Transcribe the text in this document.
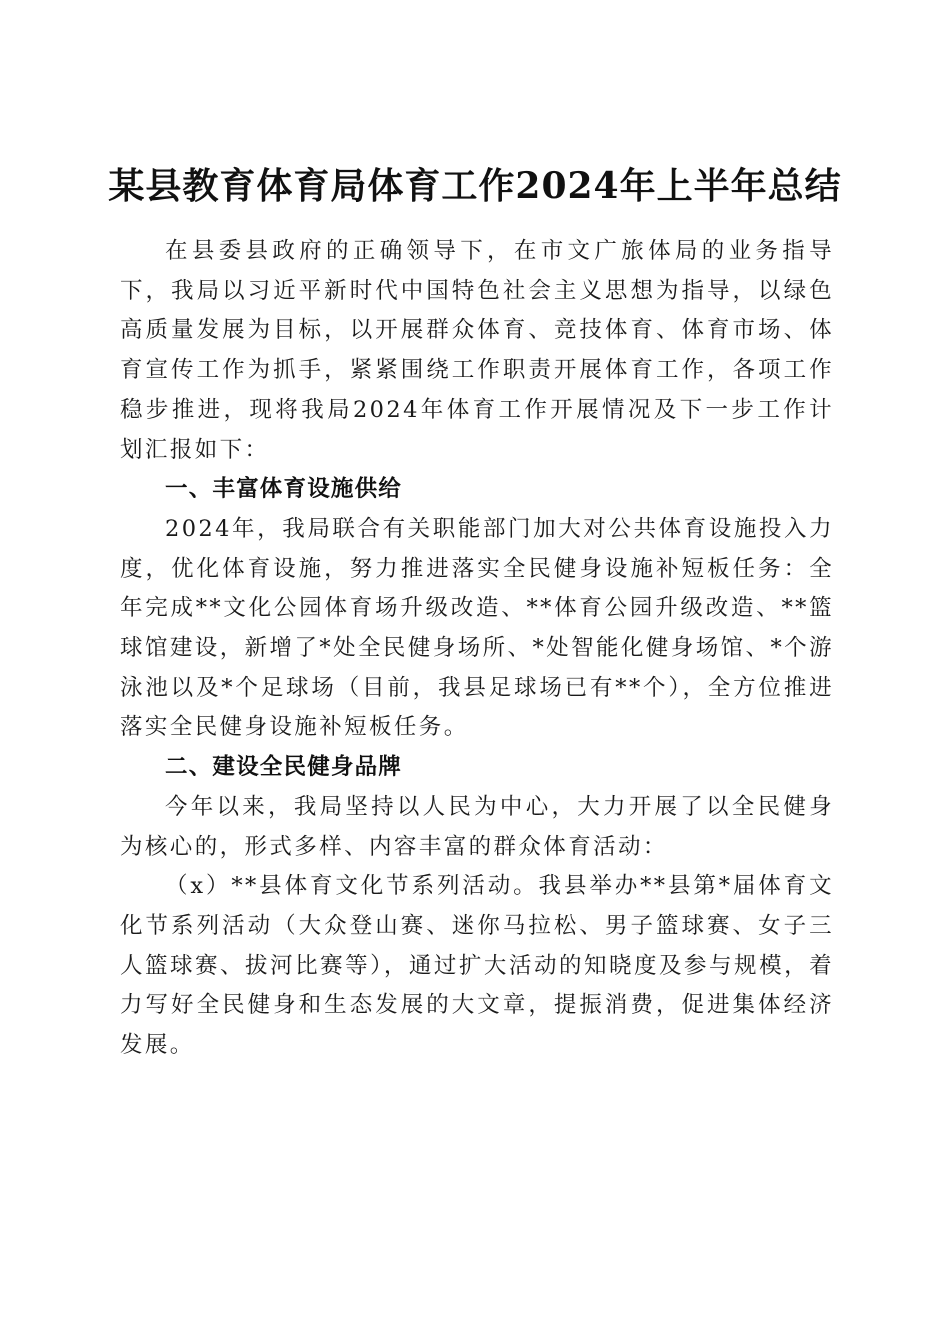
某县教育体育局体育工作2024年上半年总结

在县委县政府的正确领导下，在市文广旅体局的业务指导下，我局以习近平新时代中国特色社会主义思想为指导，以绿色高质量发展为目标，以开展群众体育、竞技体育、体育市场、体育宣传工作为抓手，紧紧围绕工作职责开展体育工作，各项工作稳步推进，现将我局2024年体育工作开展情况及下一步工作计划汇报如下：

一、丰富体育设施供给

2024年，我局联合有关职能部门加大对公共体育设施投入力度，优化体育设施，努力推进落实全民健身设施补短板任务：全年完成**文化公园体育场升级改造、**体育公园升级改造、**篮球馆建设，新增了*处全民健身场所、*处智能化健身场馆、*个游泳池以及*个足球场（目前，我县足球场已有**个），全方位推进落实全民健身设施补短板任务。

二、建设全民健身品牌

今年以来，我局坚持以人民为中心，大力开展了以全民健身为核心的，形式多样、内容丰富的群众体育活动：

（x）**县体育文化节系列活动。我县举办**县第*届体育文化节系列活动（大众登山赛、迷你马拉松、男子篮球赛、女子三人篮球赛、拔河比赛等），通过扩大活动的知晓度及参与规模，着力写好全民健身和生态发展的大文章，提振消费，促进集体经济发展。
